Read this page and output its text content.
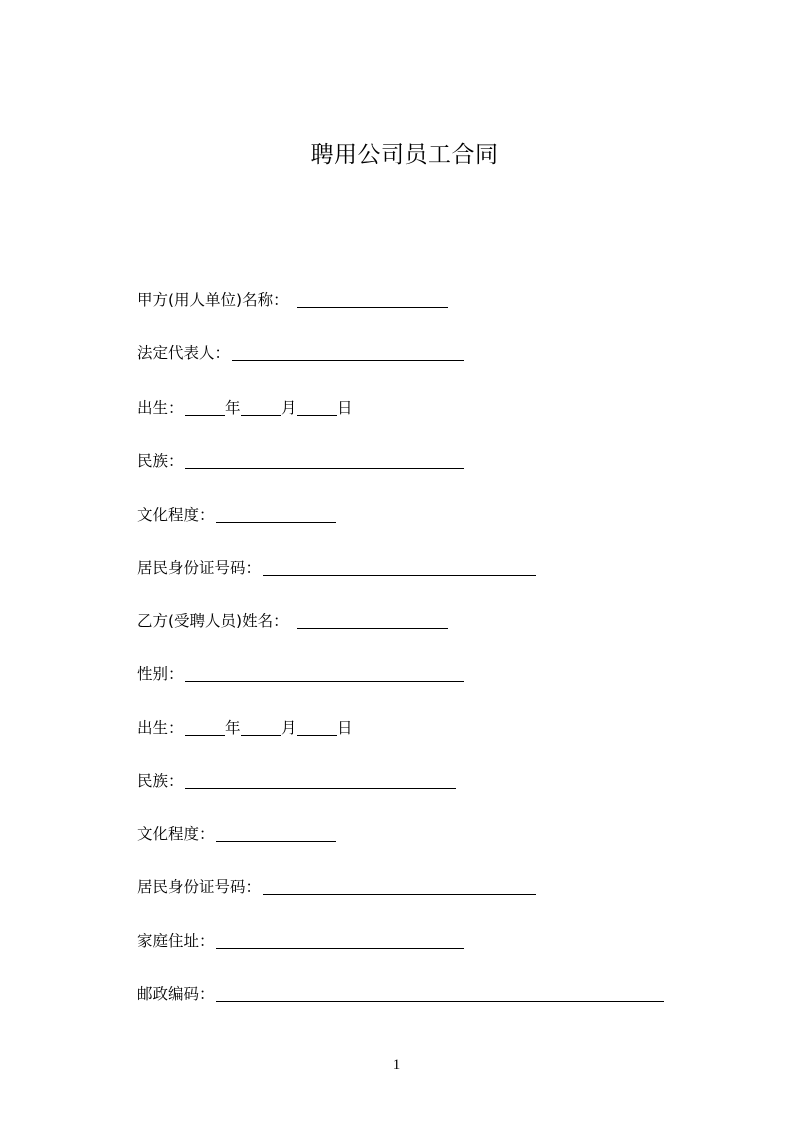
聘用公司员工合同
甲方(用人单位)名称：
法定代表人：
出生：	年	月	日
民族：
文化程度：
居民身份证号码：
乙方(受聘人员)姓名：
性别：
出生：	年	月	日
民族：
文化程度：
居民身份证号码：
家庭住址：
邮政编码：
1
